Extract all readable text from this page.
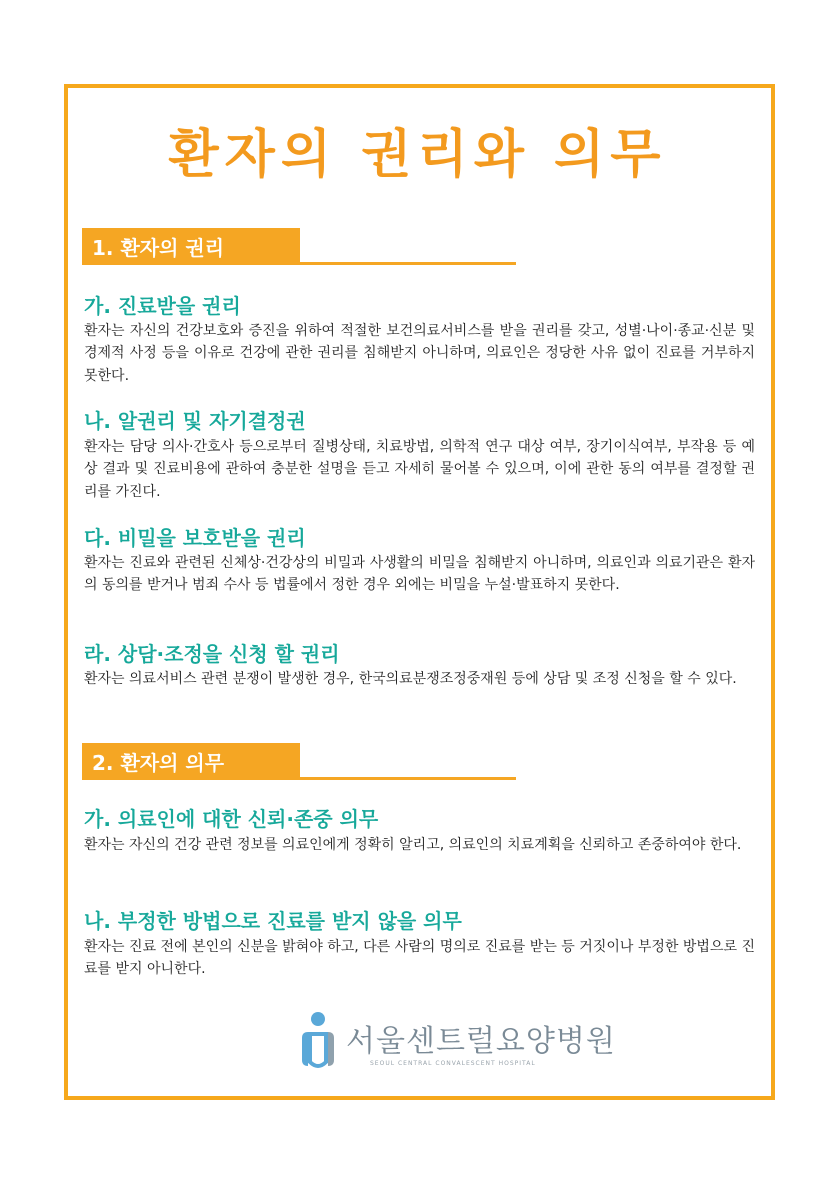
환자의 권리와 의무
1. 환자의 권리
가. 진료받을 권리

환자는 자신의 건강보호와 증진을 위하여 적절한 보건의료서비스를 받을 권리를 갖고, 성별·나이·종교·신분 및 경제적 사정 등을 이유로 건강에 관한 권리를 침해받지 아니하며, 의료인은 정당한 사유 없이 진료를 거부하지 못한다.

나. 알권리 및 자기결정권

환자는 담당 의사·간호사 등으로부터 질병상태, 치료방법, 의학적 연구 대상 여부, 장기이식여부, 부작용 등 예상 결과 및 진료비용에 관하여 충분한 설명을 듣고 자세히 물어볼 수 있으며, 이에 관한 동의 여부를 결정할 권리를 가진다.

다. 비밀을 보호받을 권리

환자는 진료와 관련된 신체상·건강상의 비밀과 사생활의 비밀을 침해받지 아니하며, 의료인과 의료기관은 환자의 동의를 받거나 범죄 수사 등 법률에서 정한 경우 외에는 비밀을 누설·발표하지 못한다.

라. 상담·조정을 신청 할 권리

환자는 의료서비스 관련 분쟁이 발생한 경우, 한국의료분쟁조정중재원 등에 상담 및 조정 신청을 할 수 있다.

2. 환자의 의무
가. 의료인에 대한 신뢰·존중 의무

환자는 자신의 건강 관련 정보를 의료인에게 정확히 알리고, 의료인의 치료계획을 신뢰하고 존중하여야 한다.

나. 부정한 방법으로 진료를 받지 않을 의무

환자는 진료 전에 본인의 신분을 밝혀야 하고, 다른 사람의 명의로 진료를 받는 등 거짓이나 부정한 방법으로 진료를 받지 아니한다.

서울센트럴요양병원
SEOUL CENTRAL CONVALESCENT HOSPITAL
